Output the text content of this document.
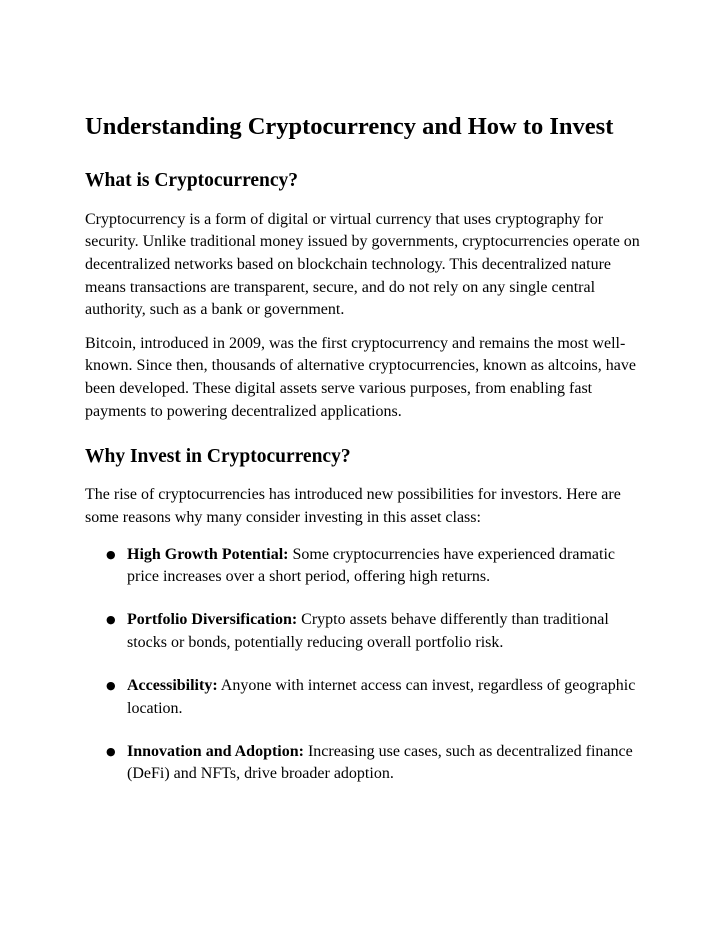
Understanding Cryptocurrency and How to Invest
What is Cryptocurrency?

Cryptocurrency is a form of digital or virtual currency that uses cryptography for security. Unlike traditional money issued by governments, cryptocurrencies operate on decentralized networks based on blockchain technology. This decentralized nature means transactions are transparent, secure, and do not rely on any single central authority, such as a bank or government.

Bitcoin, introduced in 2009, was the first cryptocurrency and remains the most well-known. Since then, thousands of alternative cryptocurrencies, known as altcoins, have been developed. These digital assets serve various purposes, from enabling fast payments to powering decentralized applications.

Why Invest in Cryptocurrency?

The rise of cryptocurrencies has introduced new possibilities for investors. Here are some reasons why many consider investing in this asset class:

● High Growth Potential: Some cryptocurrencies have experienced dramatic price increases over a short period, offering high returns.
● Portfolio Diversification: Crypto assets behave differently than traditional stocks or bonds, potentially reducing overall portfolio risk.
● Accessibility: Anyone with internet access can invest, regardless of geographic location.
● Innovation and Adoption: Increasing use cases, such as decentralized finance (DeFi) and NFTs, drive broader adoption.
